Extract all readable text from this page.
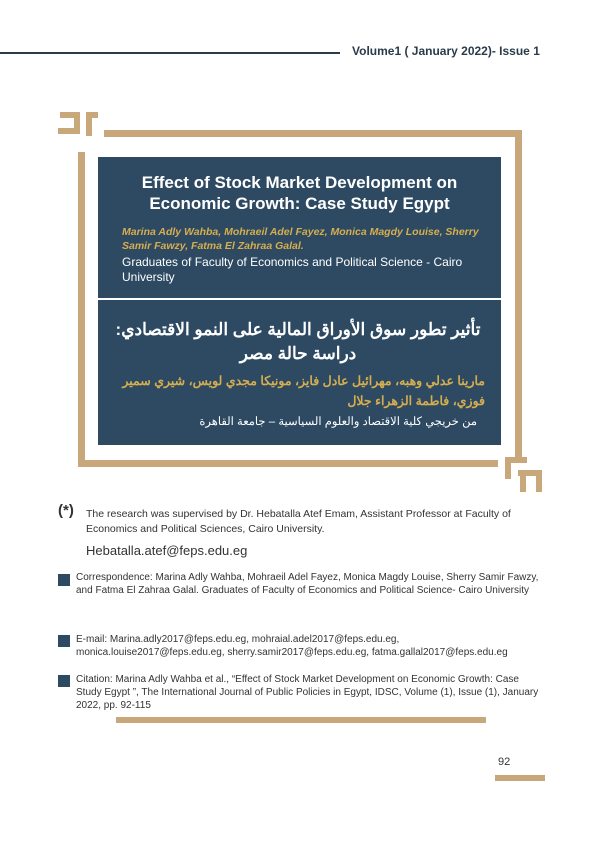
Volume1 ( January 2022)- Issue 1
Effect of Stock Market Development on Economic Growth: Case Study Egypt
Marina Adly Wahba, Mohraeil Adel Fayez, Monica Magdy Louise, Sherry Samir Fawzy, Fatma El Zahraa Galal.
Graduates of Faculty of Economics and Political Science - Cairo University
تأثير تطور سوق الأوراق المالية على النمو الاقتصادي: دراسة حالة مصر
مارينا عدلي وهبه، مهرائيل عادل فايز، مونيكا مجدي لويس، شيري سمير فوزي، فاطمة الزهراء جلال
من خريجي كلية الاقتصاد والعلوم السياسية – جامعة القاهرة
(*) The research was supervised by Dr. Hebatalla Atef Emam, Assistant Professor at Faculty of Economics and Political Sciences, Cairo University.
Hebatalla.atef@feps.edu.eg
Correspondence: Marina Adly Wahba, Mohraeil Adel Fayez, Monica Magdy Louise, Sherry Samir Fawzy, and Fatma El Zahraa Galal. Graduates of Faculty of Economics and Political Science- Cairo University
E-mail: Marina.adly2017@feps.edu.eg, mohraial.adel2017@feps.edu.eg, monica.louise2017@feps.edu.eg, sherry.samir2017@feps.edu.eg, fatma.gallal2017@feps.edu.eg
Citation: Marina Adly Wahba et al., “Effect of Stock Market Development on Economic Growth: Case Study Egypt ”, The International Journal of Public Policies in Egypt, IDSC, Volume (1), Issue (1), January 2022, pp. 92-115
92
